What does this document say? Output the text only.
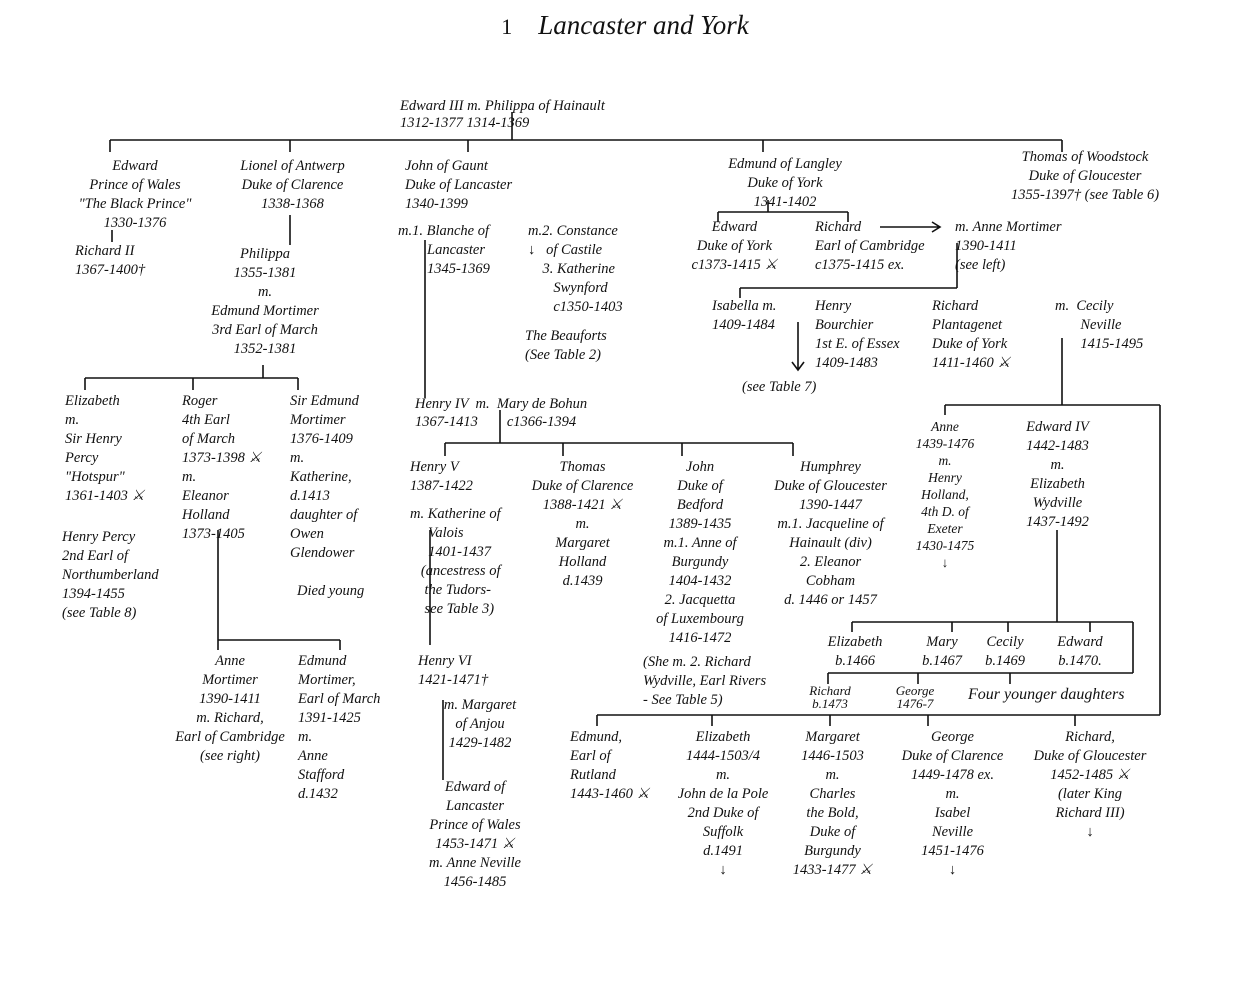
1 Lancaster and York
Edward III m. Philippa of Hainault
1312-1377 1314-1369
Edward
Prince of Wales
"The Black Prince"
1330-1376
Richard II
1367-1400†
Lionel of Antwerp
Duke of Clarence
1338-1368
Philippa
1355-1381
m.
Edmund Mortimer
3rd Earl of March
1352-1381
John of Gaunt
Duke of Lancaster
1340-1399
m.1. Blanche of
Lancaster
1345-1369
m.2. Constance
↓   of Castile
3. Katherine
Swynford
c1350-1403
The Beauforts
(See Table 2)
Edmund of Langley
Duke of York
1341-1402
Thomas of Woodstock
Duke of Gloucester
1355-1397† (see Table 6)
Edward
Duke of York
c1373-1415 ⚔
Richard
Earl of Cambridge
c1375-1415 ex.
m. Anne Mortimer
1390-1411
(see left)
Isabella m.
1409-1484
Henry
Bourchier
1st E. of Essex
1409-1483
(see Table 7)
Richard
Plantagenet
Duke of York
1411-1460 ⚔
m.  Cecily
Neville
1415-1495
Elizabeth
m.
Sir Henry
Percy
"Hotspur"
1361-1403 ⚔
Henry Percy
2nd Earl of
Northumberland
1394-1455
(see Table 8)
Roger
4th Earl
of March
1373-1398 ⚔
m.
Eleanor
Holland
1373-1405
Sir Edmund
Mortimer
1376-1409
m.
Katherine,
d.1413
daughter of
Owen
Glendower
Died young
Anne
Mortimer
1390-1411
m. Richard,
Earl of Cambridge
(see right)
Edmund
Mortimer,
Earl of March
1391-1425
m.
Anne
Stafford
d.1432
Henry IV  m.  Mary de Bohun
1367-1413        c1366-1394
Henry V
1387-1422
m. Katherine of
Valois
1401-1437
(ancestress of
the Tudors-
see Table 3)
Thomas
Duke of Clarence
1388-1421 ⚔
m.
Margaret
Holland
d.1439
John
Duke of
Bedford
1389-1435
m.1. Anne of
Burgundy
1404-1432
2. Jacquetta
of Luxembourg
1416-1472
(She m. 2. Richard
Wydville, Earl Rivers
- See Table 5)
Humphrey
Duke of Gloucester
1390-1447
m.1. Jacqueline of
Hainault (div)
2. Eleanor
Cobham
d. 1446 or 1457
Henry VI
1421-1471†
m. Margaret
of Anjou
1429-1482
Edward of
Lancaster
Prince of Wales
1453-1471 ⚔
m. Anne Neville
1456-1485
Anne
1439-1476
m.
Henry
Holland,
4th D. of
Exeter
1430-1475
↓
Edward IV
1442-1483
m.
Elizabeth
Wydville
1437-1492
Elizabeth
b.1466
Mary
b.1467
Cecily
b.1469
Edward
b.1470.
Richard
b.1473
George
1476-7
Four younger daughters
Edmund,
Earl of
Rutland
1443-1460 ⚔
Elizabeth
1444-1503/4
m.
John de la Pole
2nd Duke of
Suffolk
d.1491
↓
Margaret
1446-1503
m.
Charles
the Bold,
Duke of
Burgundy
1433-1477 ⚔
George
Duke of Clarence
1449-1478 ex.
m.
Isabel
Neville
1451-1476
↓
Richard,
Duke of Gloucester
1452-1485 ⚔
(later King
Richard III)
↓
